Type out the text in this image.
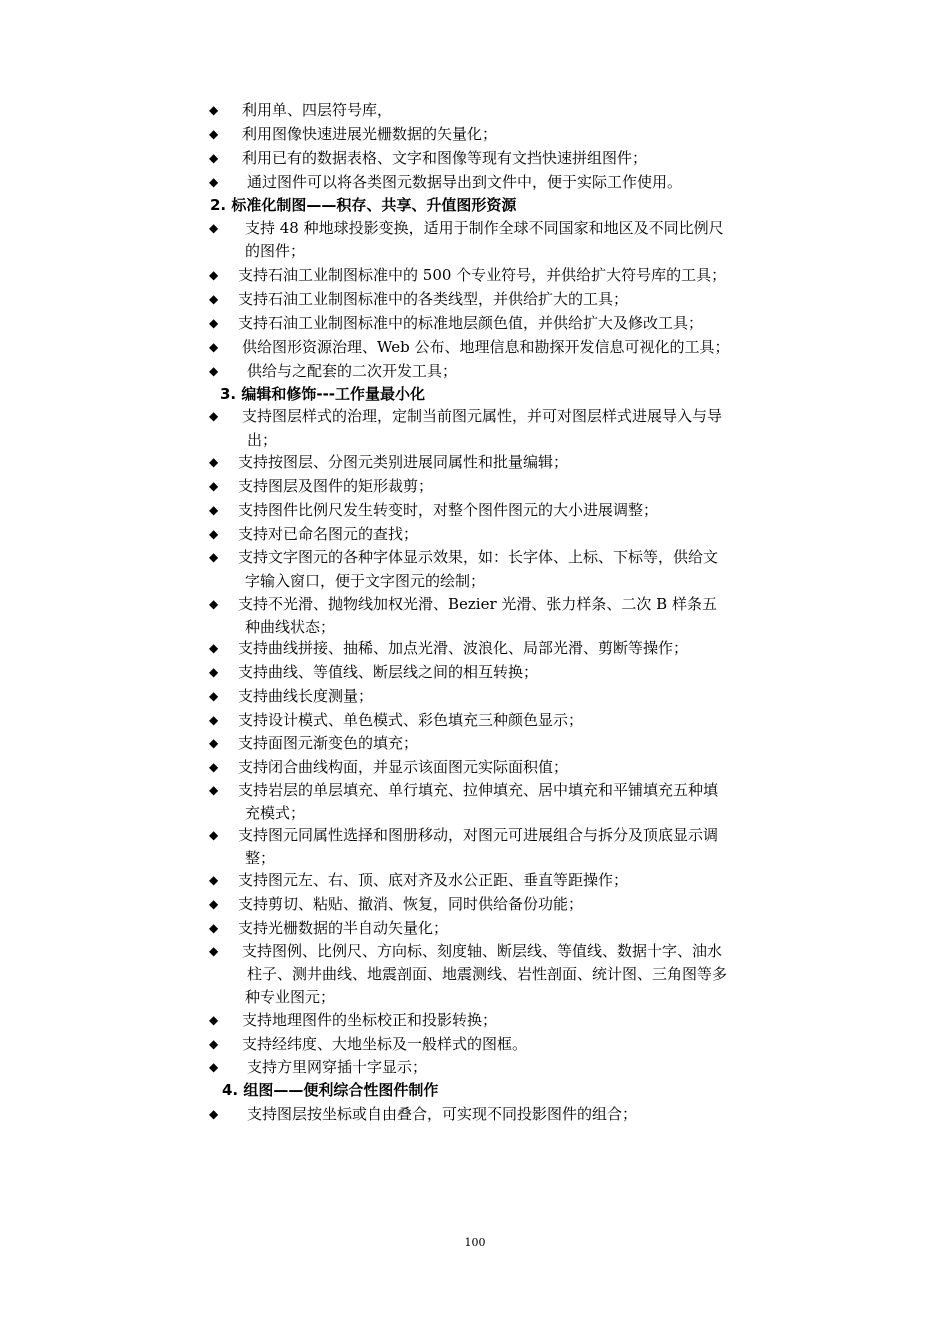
◆ 利用单、四层符号库，
◆ 利用图像快速进展光栅数据的矢量化；
◆ 利用已有的数据表格、文字和图像等现有文挡快速拼组图件；
◆ 通过图件可以将各类图元数据导出到文件中，便于实际工作使用。
2. 标准化制图——积存、共享、升值图形资源
◆ 支持 48 种地球投影变换，适用于制作全球不同国家和地区及不同比例尺
的图件；
◆ 支持石油工业制图标准中的 500 个专业符号，并供给扩大符号库的工具；
◆ 支持石油工业制图标准中的各类线型，并供给扩大的工具；
◆ 支持石油工业制图标准中的标准地层颜色值，并供给扩大及修改工具；
◆ 供给图形资源治理、Web 公布、地理信息和勘探开发信息可视化的工具；
◆ 供给与之配套的二次开发工具；
3. 编辑和修饰---工作量最小化
◆ 支持图层样式的治理，定制当前图元属性，并可对图层样式进展导入与导
出；
◆ 支持按图层、分图元类别进展同属性和批量编辑；
◆ 支持图层及图件的矩形裁剪；
◆ 支持图件比例尺发生转变时，对整个图件图元的大小进展调整；
◆ 支持对已命名图元的查找；
◆ 支持文字图元的各种字体显示效果，如：长字体、上标、下标等，供给文
字输入窗口，便于文字图元的绘制；
◆ 支持不光滑、抛物线加权光滑、Bezier 光滑、张力样条、二次 B 样条五
种曲线状态；
◆ 支持曲线拼接、抽稀、加点光滑、波浪化、局部光滑、剪断等操作；
◆ 支持曲线、等值线、断层线之间的相互转换；
◆ 支持曲线长度测量；
◆ 支持设计模式、单色模式、彩色填充三种颜色显示；
◆ 支持面图元渐变色的填充；
◆ 支持闭合曲线构面，并显示该面图元实际面积值；
◆ 支持岩层的单层填充、单行填充、拉伸填充、居中填充和平铺填充五种填
充模式；
◆ 支持图元同属性选择和图册移动，对图元可进展组合与拆分及顶底显示调
整；
◆ 支持图元左、右、顶、底对齐及水公正距、垂直等距操作；
◆ 支持剪切、粘贴、撤消、恢复，同时供给备份功能；
◆ 支持光栅数据的半自动矢量化；
◆ 支持图例、比例尺、方向标、刻度轴、断层线、等值线、数据十字、油水
柱子、测井曲线、地震剖面、地震测线、岩性剖面、统计图、三角图等多
种专业图元；
◆ 支持地理图件的坐标校正和投影转换；
◆ 支持经纬度、大地坐标及一般样式的图框。
◆ 支持方里网穿插十字显示；
4. 组图——便利综合性图件制作
◆ 支持图层按坐标或自由叠合，可实现不同投影图件的组合；
100
